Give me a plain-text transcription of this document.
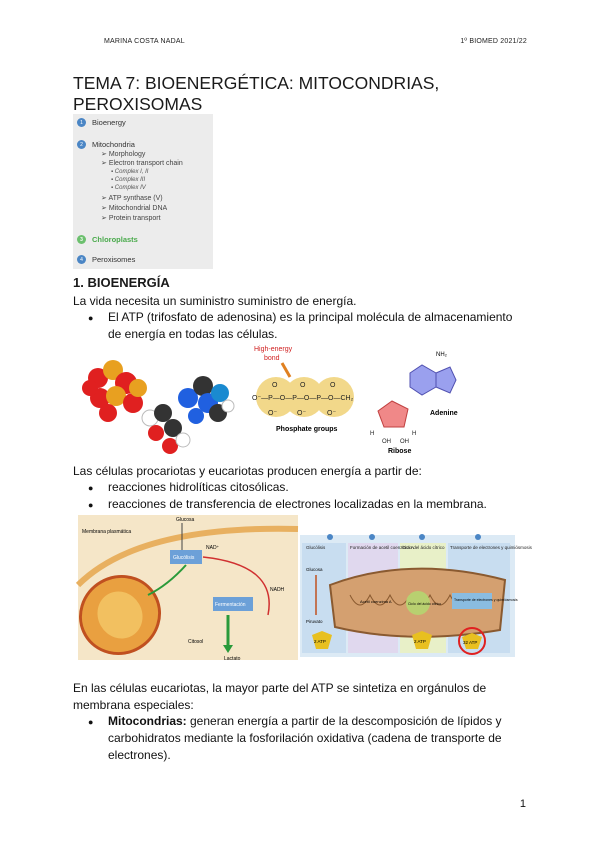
MARINA COSTA NADAL	1º BIOMED 2021/22
TEMA 7: BIOENERGÉTICA: MITOCONDRIAS, PEROXISOMAS
1	Bioenergy
2	Mitochondria
➢ Morphology
➢ Electron transport chain
▪ Complex I, II
▪ Complex III
▪ Complex IV
➢ ATP synthase (V)
➢ Mitochondrial DNA
➢ Protein transport
3	Chloroplasts
4	Peroxisomes
1. BIOENERGÍA
La vida necesita un suministro suministro de energía.
● El ATP (trifosfato de adenosina) es la principal molécula de almacenamiento de energía en todas las células.
High-energy
bond
O⁻—P—O—P—O—P—O—CH₂
O	O	O
O⁻	O⁻	O⁻
Phosphate groups
Ribose
H	H
OH OH
NH₂
Adenine
Las células procariotas y eucariotas producen energía a partir de:
● reacciones hidrolíticas citosólicas.
● reacciones de transferencia de electrones localizadas en la membrana.
Membrana plasmática
Glucosa
Glucólisis
NAD⁺
NADH
Fermentación
Lactato
Citosol
Glucólisis	Formación de acetil coenzima A
Ciclo del ácido cítrico Transporte de electrones y quimiósmosis
Glucosa
Piruvato
Acetil coenzima A	Ciclo del ácido cítrico
Transporte de electrones y quimiósmosis
2 ATP	2 ATP	32 ATP
En las células eucariotas, la mayor parte del ATP se sintetiza en orgánulos de membrana especiales:
● Mitocondrias: generan energía a partir de la descomposición de lípidos y carbohidratos mediante la fosforilación oxidativa (cadena de transporte de electrones).
1
